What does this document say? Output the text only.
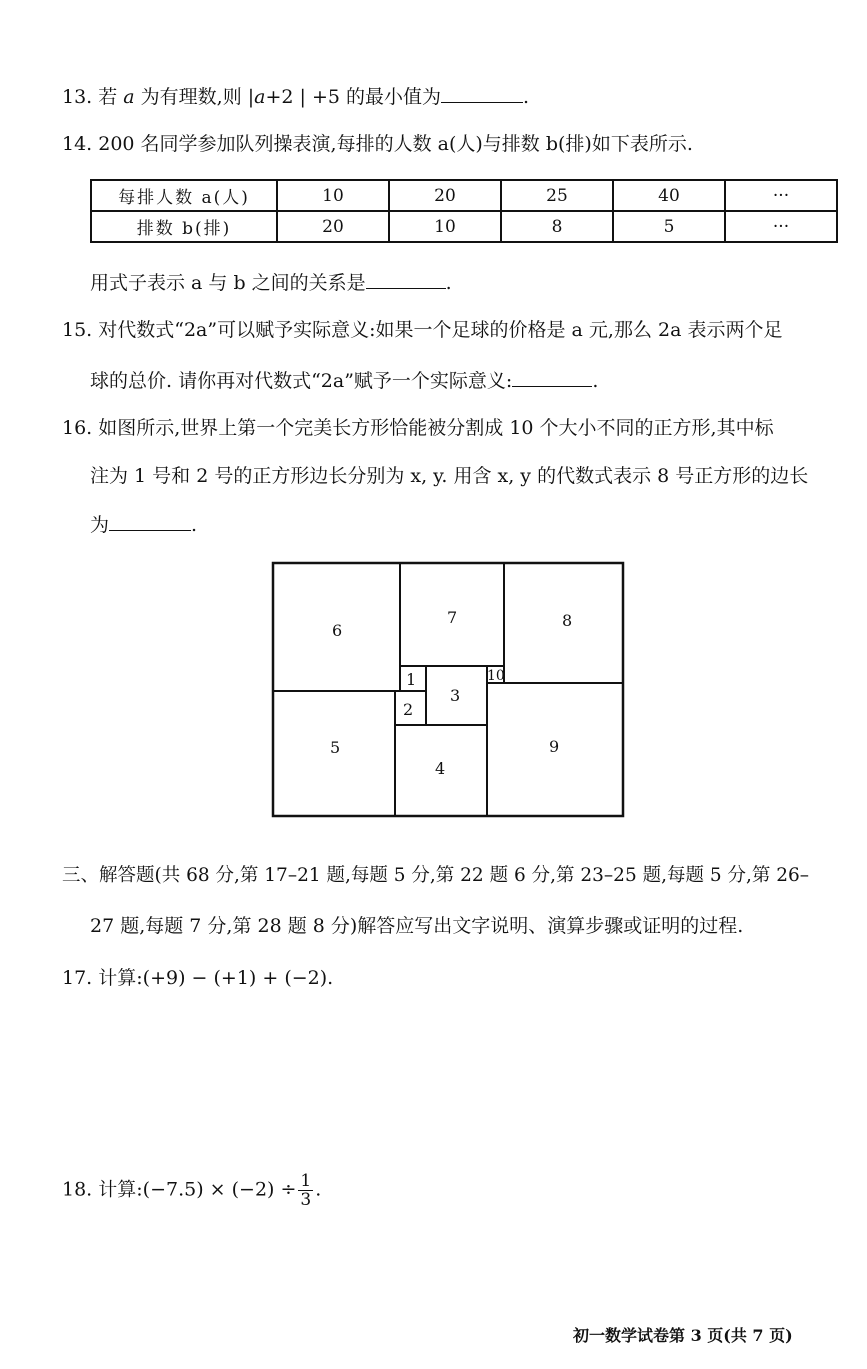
13. 若 a 为有理数,则 |a+2 | +5 的最小值为	.
14. 200 名同学参加队列操表演,每排的人数 a(人)与排数 b(排)如下表所示.
每排人数 a(人)	10	20	25	40	···
排数 b(排)	20	10	8	5	···
用式子表示 a 与 b 之间的关系是	.
15. 对代数式“2a”可以赋予实际意义:如果一个足球的价格是 a 元,那么 2a 表示两个足
球的总价. 请你再对代数式“2a”赋予一个实际意义:	.
16. 如图所示,世界上第一个完美长方形恰能被分割成 10 个大小不同的正方形,其中标
注为 1 号和 2 号的正方形边长分别为 x, y. 用含 x, y 的代数式表示 8 号正方形的边长
为	.
1
2
3
4
5
6
7	8
9
10
三、解答题(共 68 分,第 17–21 题,每题 5 分,第 22 题 6 分,第 23–25 题,每题 5 分,第 26–
27 题,每题 7 分,第 28 题 8 分)解答应写出文字说明、演算步骤或证明的过程.
17. 计算:(+9) − (+1) + (−2).
18. 计算:(−7.5) × $(-2) \div \frac{1}{3}$ .
初一数学试卷第 3 页(共 7 页)
